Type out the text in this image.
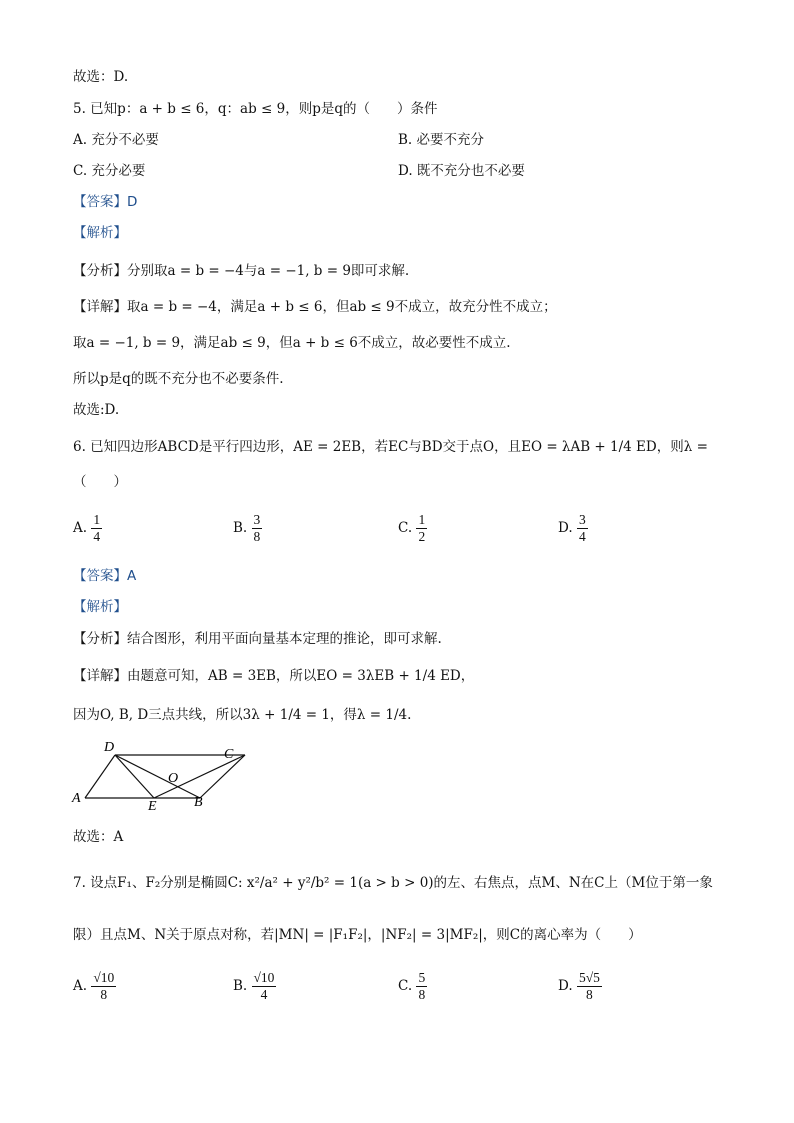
故选：D.
5. 已知p：a + b ≤ 6，q：ab ≤ 9，则p是q的（　　）条件
A. 充分不必要	B. 必要不充分
C. 充分必要	D. 既不充分也不必要
【答案】D
【解析】
【分析】分别取a = b = −4与a = −1, b = 9即可求解.
【详解】取a = b = −4，满足a + b ≤ 6，但ab ≤ 9不成立，故充分性不成立；
取a = −1, b = 9，满足ab ≤ 9，但a + b ≤ 6不成立，故必要性不成立.
所以p是q的既不充分也不必要条件.
故选:D.
6. 已知四边形ABCD是平行四边形，AE = 2EB，若EC与BD交于点O，且EO = λAB + 1/4 ED，则λ =
（　　）
A. $\frac{1}{4}$	B. $\frac{3}{8}$	C. $\frac{1}{2}$	D. $\frac{3}{4}$
【答案】A
【解析】
【分析】结合图形，利用平面向量基本定理的推论，即可求解.
【详解】由题意可知，AB = 3EB，所以EO = 3λEB + 1/4 ED，
因为O, B, D三点共线，所以3λ + 1/4 = 1，得λ = 1/4.
D	C
O
A
E	B
故选：A
7. 设点F₁、F₂分别是椭圆C: x²/a² + y²/b² = 1(a > b > 0)的左、右焦点，点M、N在C上（M位于第一象
限）且点M、N关于原点对称，若|MN| = |F₁F₂|，|NF₂| = 3|MF₂|，则C的离心率为（　　）
A. $\frac{√10}{8}$	B. $\frac{√10}{4}$	C. $\frac{5}{8}$	D. $\frac{5√5}{8}$
